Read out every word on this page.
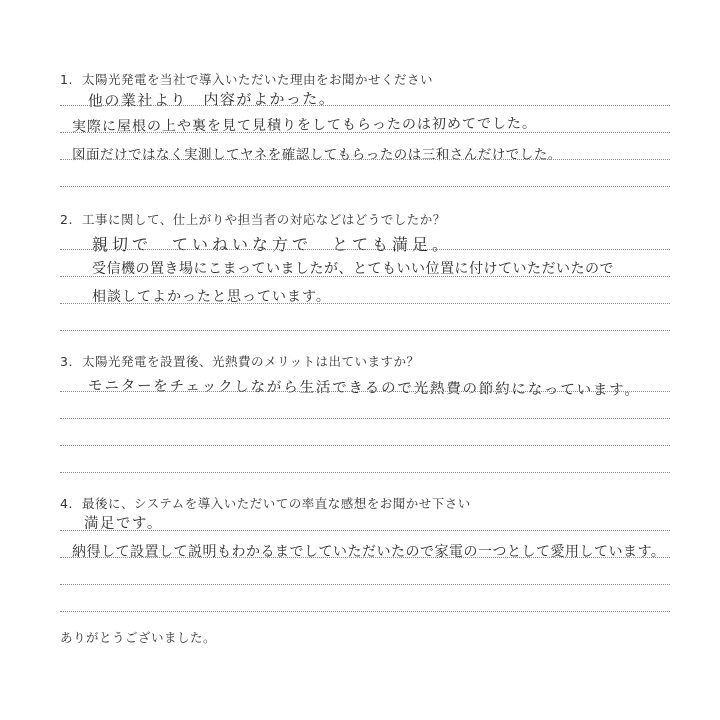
1. 太陽光発電を当社で導入いただいた理由をお聞かせください
他の業社より　内容がよかった。
実際に屋根の上や裏を見て見積りをしてもらったのは初めてでした。
図面だけではなく実測してヤネを確認してもらったのは三和さんだけでした。
2. 工事に関して、仕上がりや担当者の対応などはどうでしたか？
親切で　ていねいな方で　とても満足。
受信機の置き場にこまっていましたが、とてもいい位置に付けていただいたので
相談してよかったと思っています。
3. 太陽光発電を設置後、光熱費のメリットは出ていますか？
モニターをチェックしながら生活できるので光熱費の節約になっています。
4. 最後に、システムを導入いただいての率直な感想をお聞かせ下さい
満足です。
納得して設置して説明もわかるまでしていただいたので家電の一つとして愛用しています。
ありがとうございました。
